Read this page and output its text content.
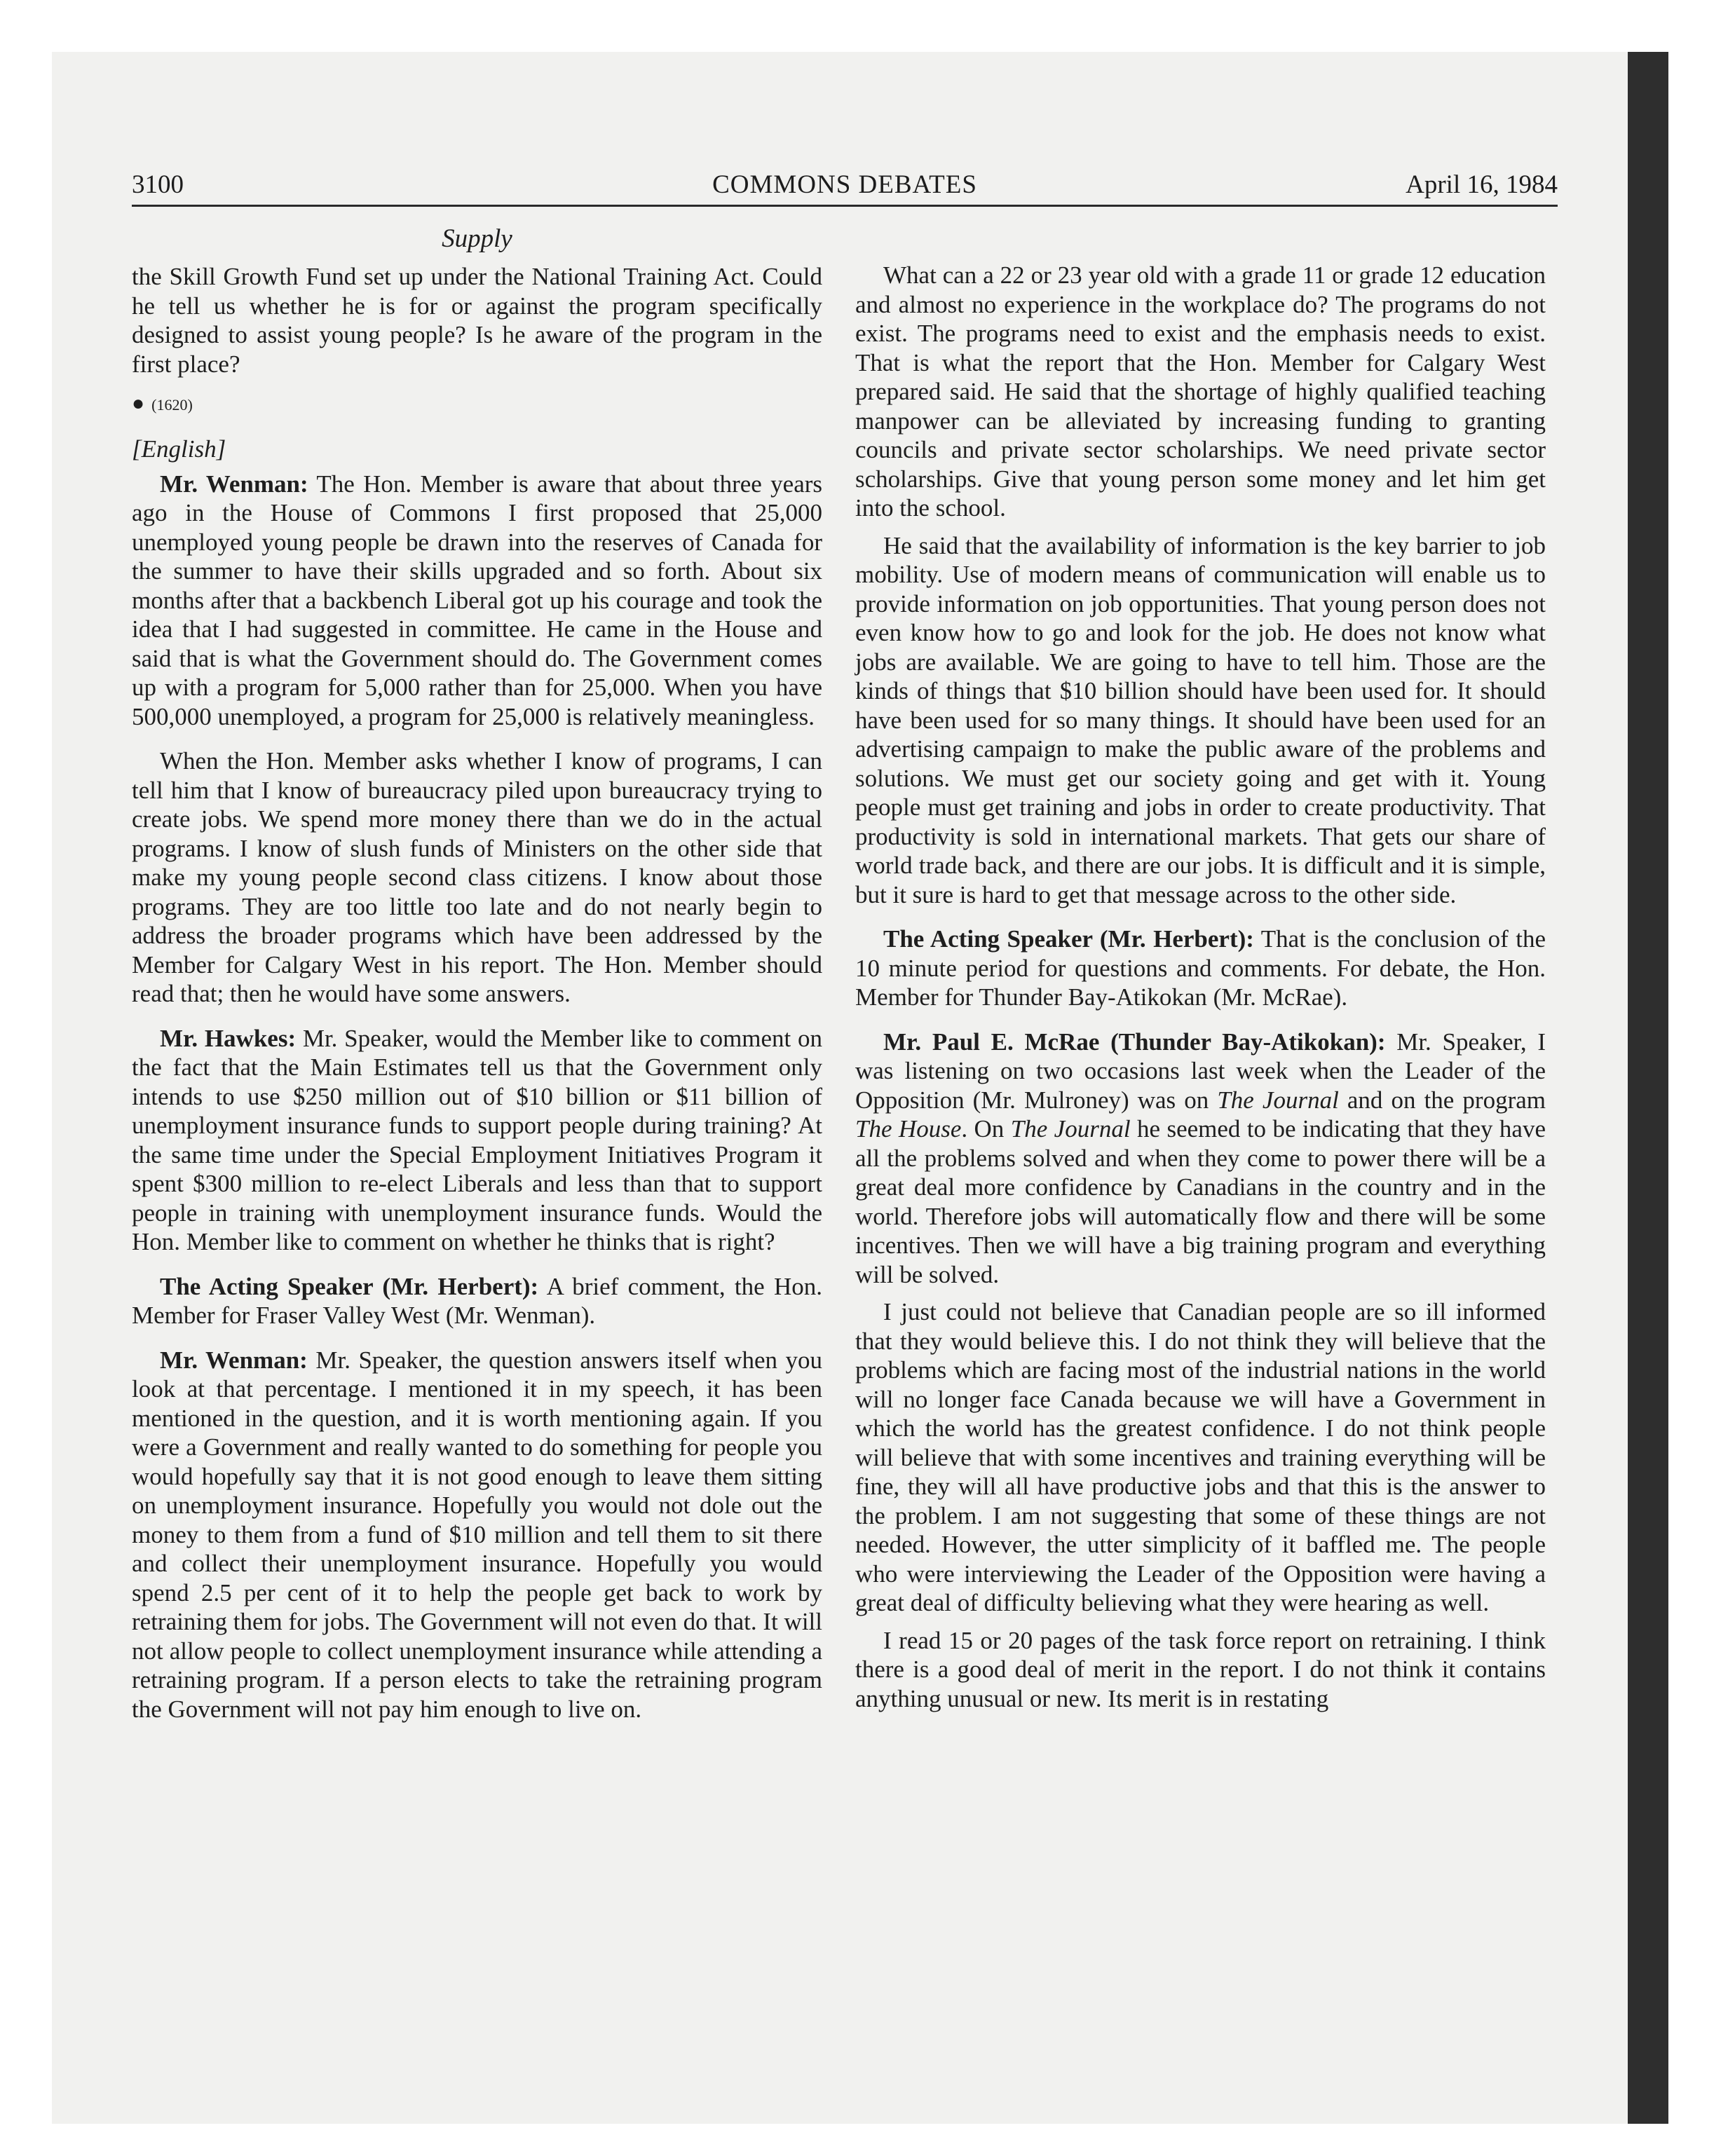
3100	COMMONS DEBATES	April 16, 1984
Supply

the Skill Growth Fund set up under the National Training Act. Could he tell us whether he is for or against the program specifically designed to assist young people? Is he aware of the program in the first place?

● (1620)
[English]

Mr. Wenman: The Hon. Member is aware that about three years ago in the House of Commons I first proposed that 25,000 unemployed young people be drawn into the reserves of Canada for the summer to have their skills upgraded and so forth. About six months after that a backbench Liberal got up his courage and took the idea that I had suggested in committee. He came in the House and said that is what the Government should do. The Government comes up with a program for 5,000 rather than for 25,000. When you have 500,000 unemployed, a program for 25,000 is relatively meaningless.

When the Hon. Member asks whether I know of programs, I can tell him that I know of bureaucracy piled upon bureaucracy trying to create jobs. We spend more money there than we do in the actual programs. I know of slush funds of Ministers on the other side that make my young people second class citizens. I know about those programs. They are too little too late and do not nearly begin to address the broader programs which have been addressed by the Member for Calgary West in his report. The Hon. Member should read that; then he would have some answers.

Mr. Hawkes: Mr. Speaker, would the Member like to comment on the fact that the Main Estimates tell us that the Government only intends to use $250 million out of $10 billion or $11 billion of unemployment insurance funds to support people during training? At the same time under the Special Employment Initiatives Program it spent $300 million to re-elect Liberals and less than that to support people in training with unemployment insurance funds. Would the Hon. Member like to comment on whether he thinks that is right?

The Acting Speaker (Mr. Herbert): A brief comment, the Hon. Member for Fraser Valley West (Mr. Wenman).

Mr. Wenman: Mr. Speaker, the question answers itself when you look at that percentage. I mentioned it in my speech, it has been mentioned in the question, and it is worth mentioning again. If you were a Government and really wanted to do something for people you would hopefully say that it is not good enough to leave them sitting on unemployment insurance. Hopefully you would not dole out the money to them from a fund of $10 million and tell them to sit there and collect their unemployment insurance. Hopefully you would spend 2.5 per cent of it to help the people get back to work by retraining them for jobs. The Government will not even do that. It will not allow people to collect unemployment insurance while attending a retraining program. If a person elects to take the retraining program the Government will not pay him enough to live on.

What can a 22 or 23 year old with a grade 11 or grade 12 education and almost no experience in the workplace do? The programs do not exist. The programs need to exist and the emphasis needs to exist. That is what the report that the Hon. Member for Calgary West prepared said. He said that the shortage of highly qualified teaching manpower can be alleviated by increasing funding to granting councils and private sector scholarships. We need private sector scholarships. Give that young person some money and let him get into the school.

He said that the availability of information is the key barrier to job mobility. Use of modern means of communication will enable us to provide information on job opportunities. That young person does not even know how to go and look for the job. He does not know what jobs are available. We are going to have to tell him. Those are the kinds of things that $10 billion should have been used for. It should have been used for so many things. It should have been used for an advertising campaign to make the public aware of the problems and solutions. We must get our society going and get with it. Young people must get training and jobs in order to create productivity. That productivity is sold in international markets. That gets our share of world trade back, and there are our jobs. It is difficult and it is simple, but it sure is hard to get that message across to the other side.

The Acting Speaker (Mr. Herbert): That is the conclusion of the 10 minute period for questions and comments. For debate, the Hon. Member for Thunder Bay-Atikokan (Mr. McRae).

Mr. Paul E. McRae (Thunder Bay-Atikokan): Mr. Speaker, I was listening on two occasions last week when the Leader of the Opposition (Mr. Mulroney) was on The Journal and on the program The House. On The Journal he seemed to be indicating that they have all the problems solved and when they come to power there will be a great deal more confidence by Canadians in the country and in the world. Therefore jobs will automatically flow and there will be some incentives. Then we will have a big training program and everything will be solved.

I just could not believe that Canadian people are so ill informed that they would believe this. I do not think they will believe that the problems which are facing most of the industrial nations in the world will no longer face Canada because we will have a Government in which the world has the greatest confidence. I do not think people will believe that with some incentives and training everything will be fine, they will all have productive jobs and that this is the answer to the problem. I am not suggesting that some of these things are not needed. However, the utter simplicity of it baffled me. The people who were interviewing the Leader of the Opposition were having a great deal of difficulty believing what they were hearing as well.

I read 15 or 20 pages of the task force report on retraining. I think there is a good deal of merit in the report. I do not think it contains anything unusual or new. Its merit is in restating
